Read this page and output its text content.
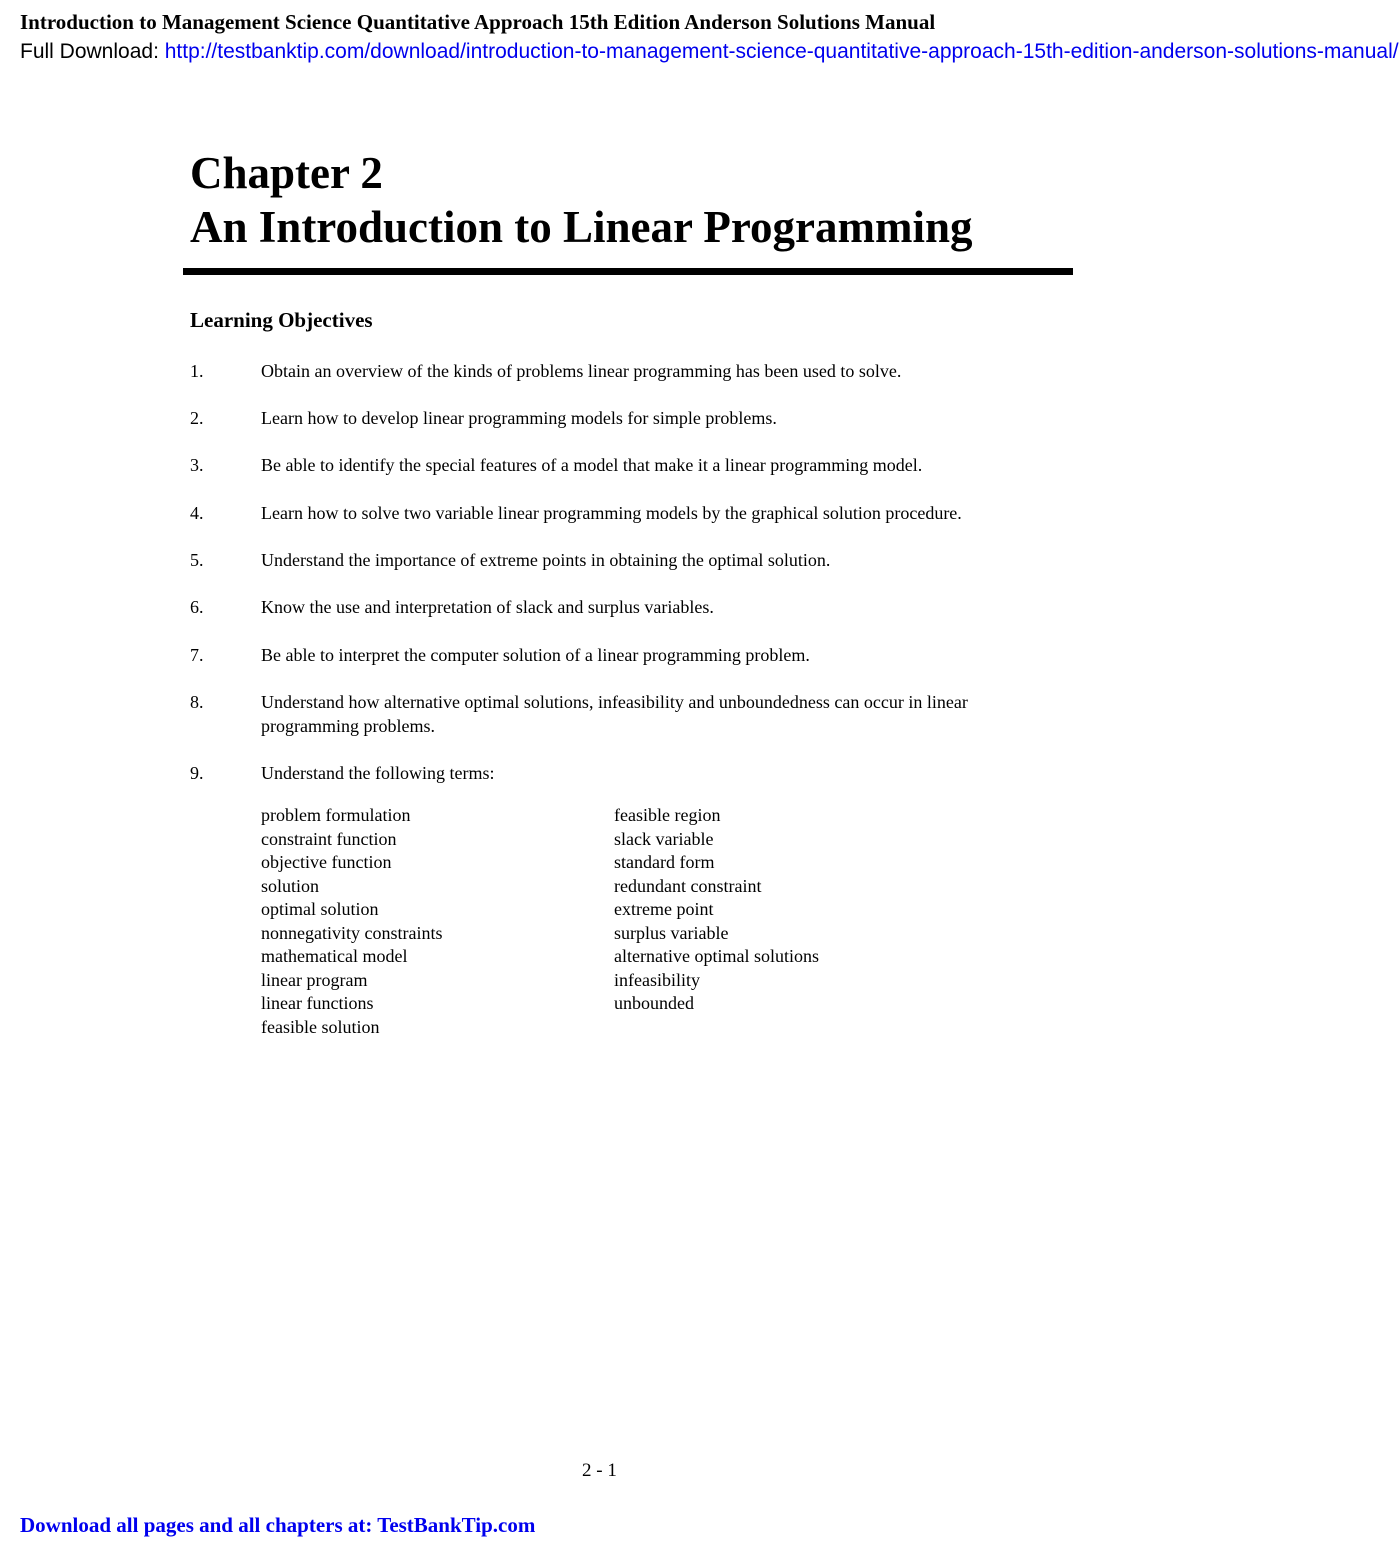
Introduction to Management Science Quantitative Approach 15th Edition Anderson Solutions Manual
Full Download: http://testbanktip.com/download/introduction-to-management-science-quantitative-approach-15th-edition-anderson-solutions-manual/
Chapter 2
An Introduction to Linear Programming
Learning Objectives
1.	Obtain an overview of the kinds of problems linear programming has been used to solve.
2.	Learn how to develop linear programming models for simple problems.
3.	Be able to identify the special features of a model that make it a linear programming model.
4.	Learn how to solve two variable linear programming models by the graphical solution procedure.
5.	Understand the importance of extreme points in obtaining the optimal solution.
6.	Know the use and interpretation of slack and surplus variables.
7.	Be able to interpret the computer solution of a linear programming problem.
8.	Understand how alternative optimal solutions, infeasibility and unboundedness can occur in linear programming problems.
9.	Understand the following terms:
problem formulation
constraint function
objective function
solution
optimal solution
nonnegativity constraints
mathematical model
linear program
linear functions
feasible solution
feasible region
slack variable
standard form
redundant constraint
extreme point
surplus variable
alternative optimal solutions
infeasibility
unbounded
2 - 1
Download all pages and all chapters at: TestBankTip.com
